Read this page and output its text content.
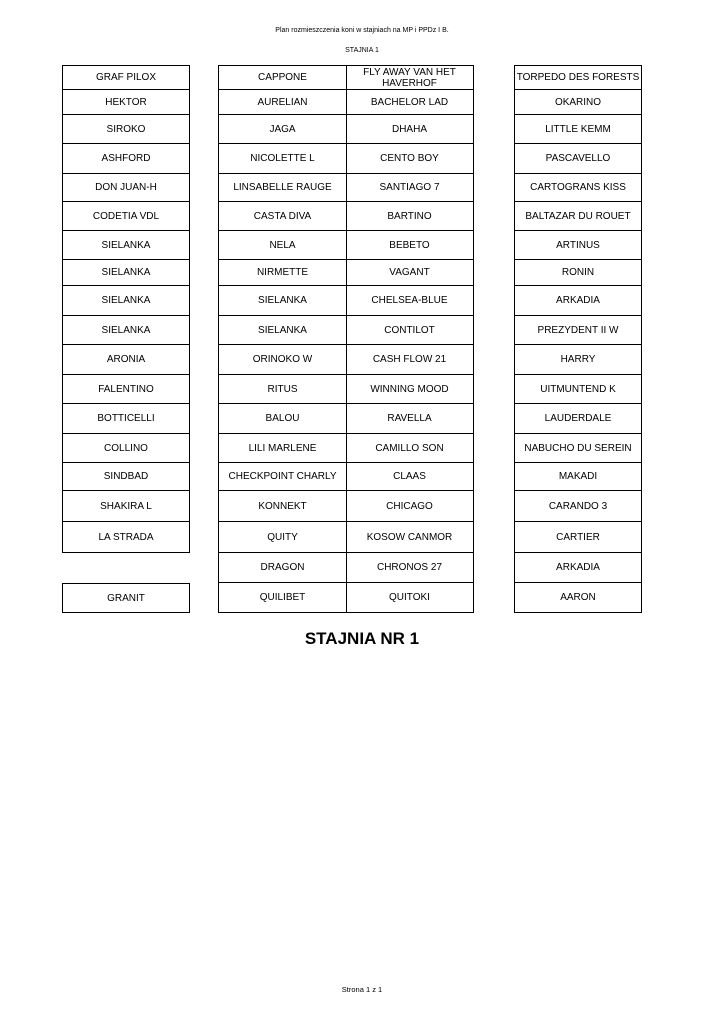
Plan rozmieszczenia koni w stajniach na MP i PPDz I B.
STAJNIA 1
GRAF PILOX
HEKTOR
SIROKO
ASHFORD
DON JUAN-H
CODETIA VDL
SIELANKA
SIELANKA
SIELANKA
SIELANKA
ARONIA
FALENTINO
BOTTICELLI
COLLINO
SINDBAD
SHAKIRA L
LA STRADA
GRANIT
CAPPONE
AURELIAN
JAGA
NICOLETTE L
LINSABELLE RAUGE
CASTA DIVA
NELA
NIRMETTE
SIELANKA
SIELANKA
ORINOKO W
RITUS
BALOU
LILI MARLENE
CHECKPOINT CHARLY
KONNEKT
QUITY
DRAGON
QUILIBET
FLY AWAY VAN HET HAVERHOF
BACHELOR LAD
DHAHA
CENTO BOY
SANTIAGO 7
BARTINO
BEBETO
VAGANT
CHELSEA-BLUE
CONTILOT
CASH FLOW 21
WINNING MOOD
RAVELLA
CAMILLO SON
CLAAS
CHICAGO
KOSOW CANMOR
CHRONOS 27
QUITOKI
TORPEDO DES FORESTS
OKARINO
LITTLE KEMM
PASCAVELLO
CARTOGRANS KISS
BALTAZAR DU ROUET
ARTINUS
RONIN
ARKADIA
PREZYDENT II W
HARRY
UITMUNTEND K
LAUDERDALE
NABUCHO DU SEREIN
MAKADI
CARANDO 3
CARTIER
ARKADIA
AARON
STAJNIA NR 1
Strona 1 z 1
